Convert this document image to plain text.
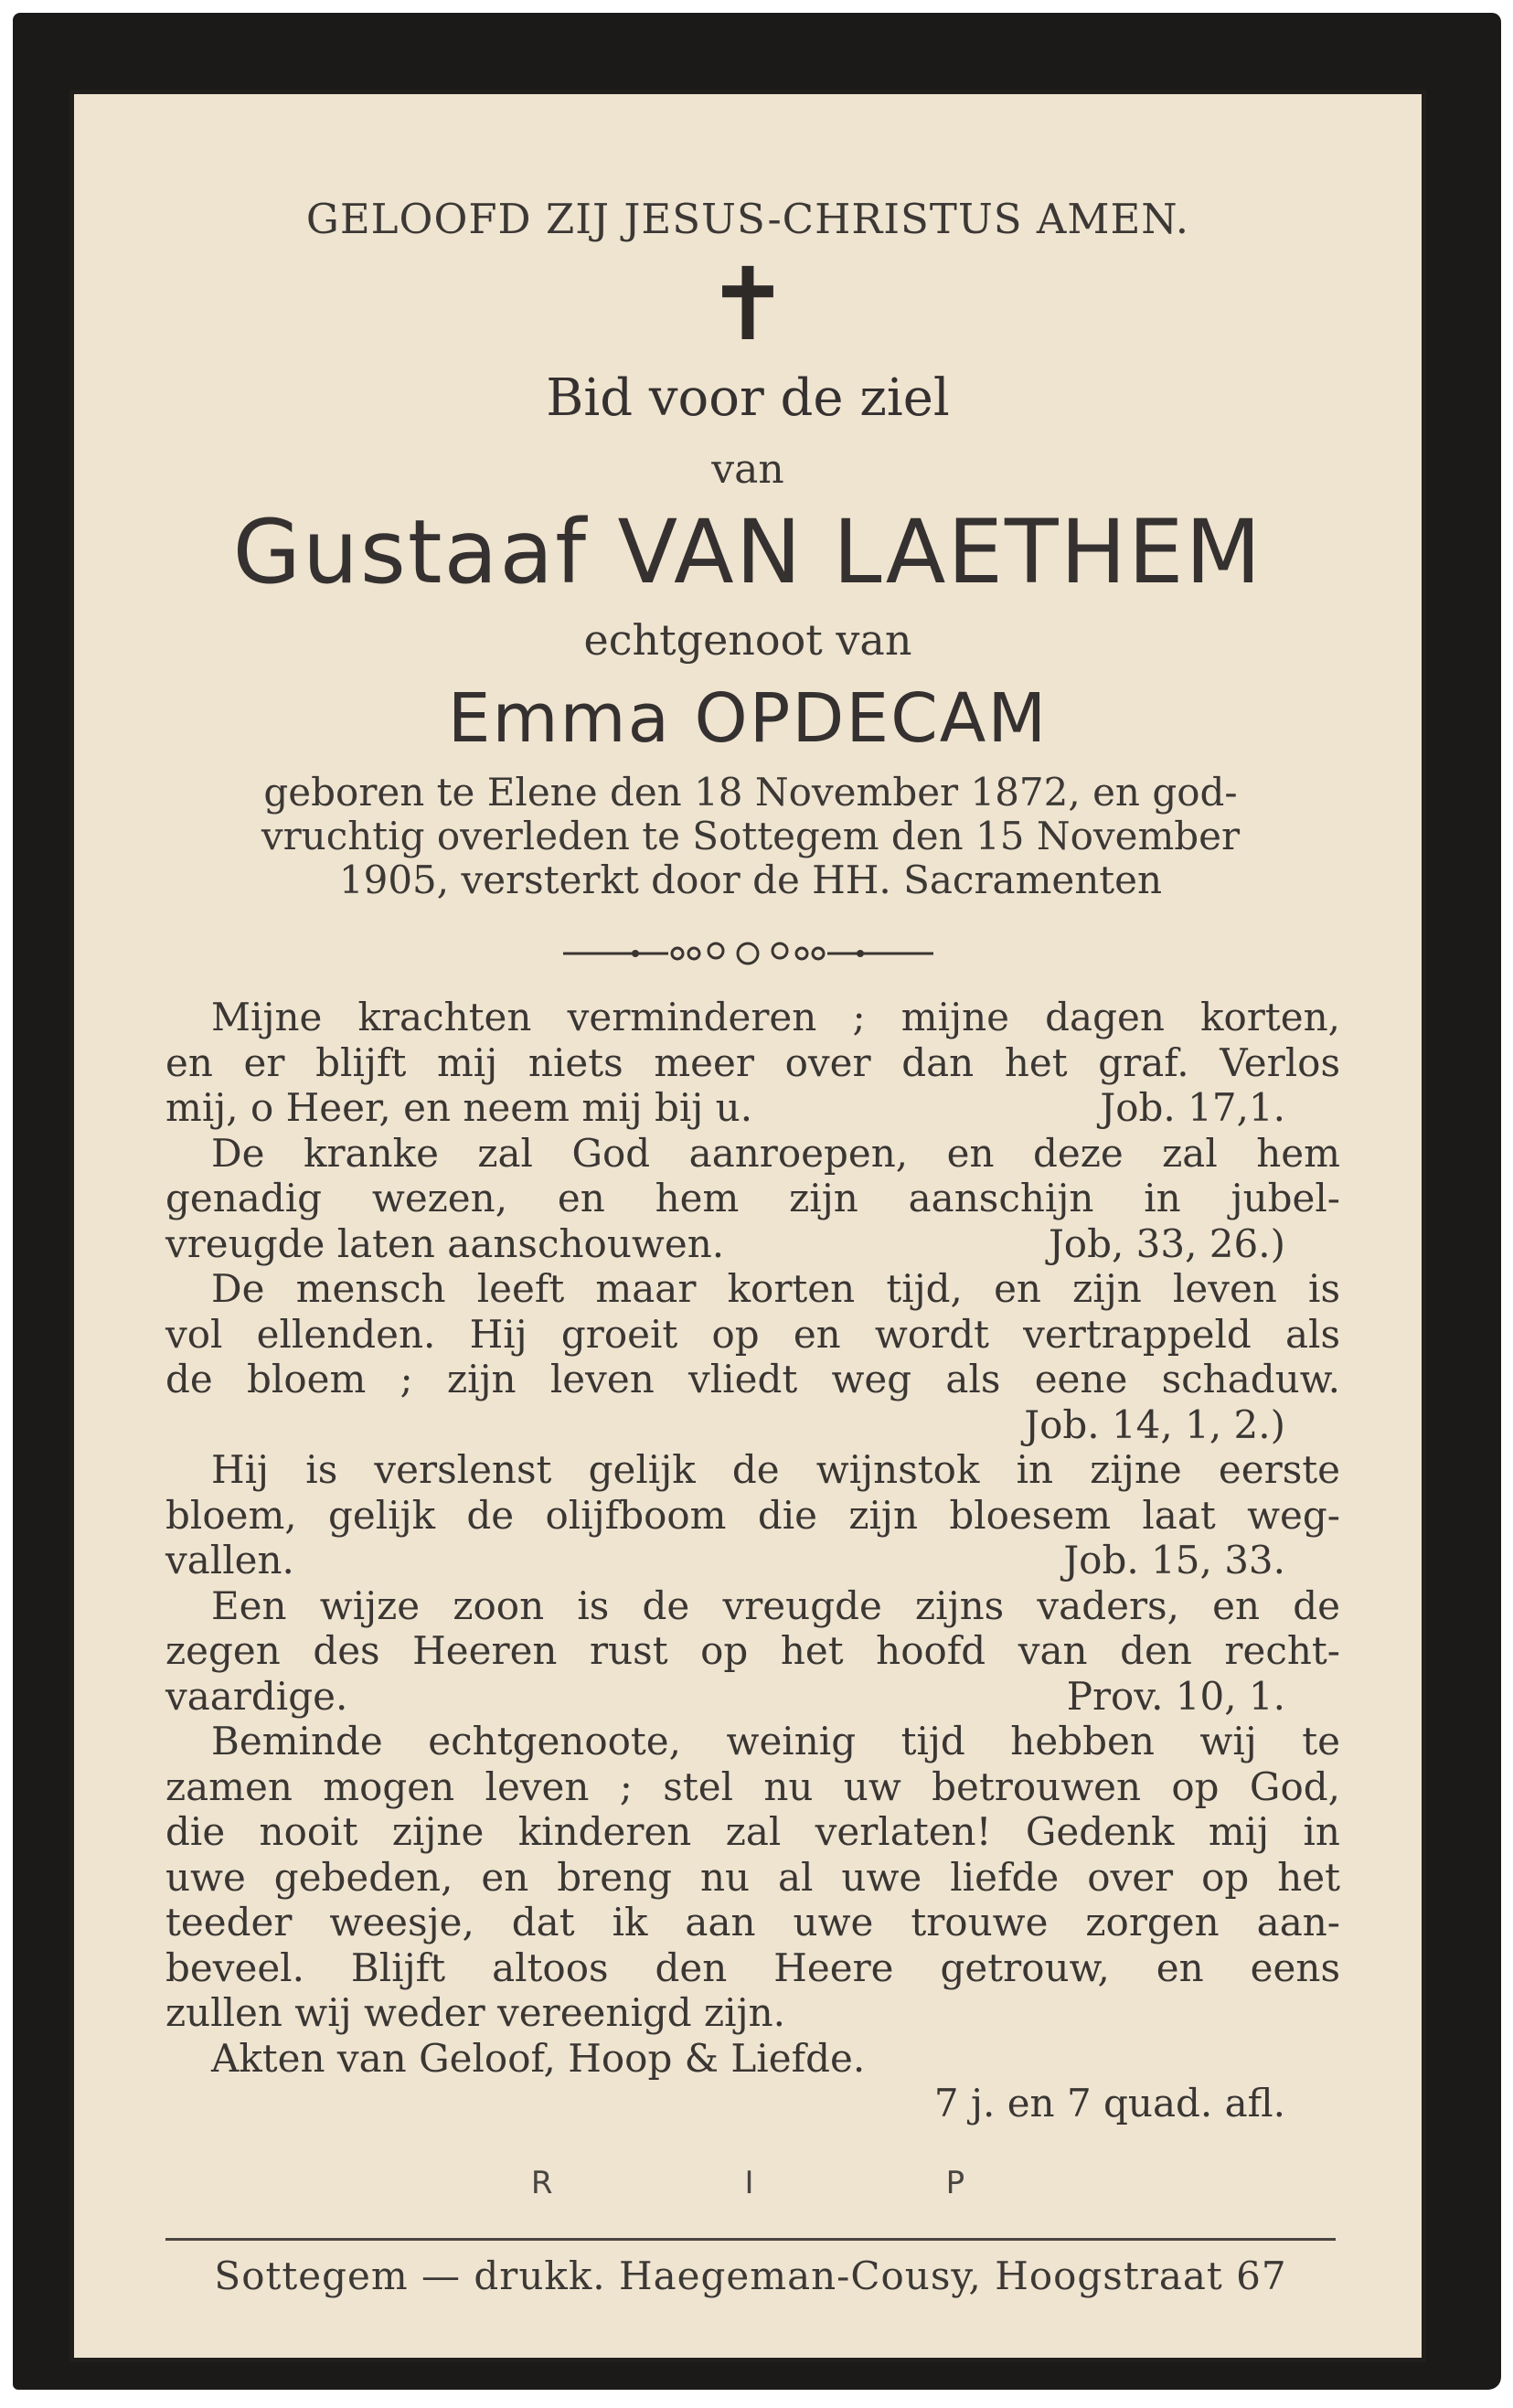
GELOOFD ZIJ JESUS-CHRISTUS AMEN.
✝
Bid voor de ziel
van
Gustaaf VAN LAETHEM
echtgenoot van
Emma OPDECAM
geboren te Elene den 18 November 1872, en god-
vruchtig overleden te Sottegem den 15 November
1905, versterkt door de HH. Sacramenten
Mijne krachten verminderen ; mijne dagen korten,
en er blijft mij niets meer over dan het graf. Verlos
mij, o Heer, en neem mij bij u.	Job. 17,1.
De kranke zal God aanroepen, en deze zal hem
genadig wezen, en hem zijn aanschijn in jubel-
vreugde laten aanschouwen.	Job, 33, 26.)
De mensch leeft maar korten tijd, en zijn leven is
vol ellenden. Hij groeit op en wordt vertrappeld als
de bloem ; zijn leven vliedt weg als eene schaduw.
Job. 14, 1, 2.)
Hij is verslenst gelijk de wijnstok in zijne eerste
bloem, gelijk de olijfboom die zijn bloesem laat weg-
vallen.	Job. 15, 33.
Een wijze zoon is de vreugde zijns vaders, en de
zegen des Heeren rust op het hoofd van den recht-
vaardige.	Prov. 10, 1.
Beminde echtgenoote, weinig tijd hebben wij te
zamen mogen leven ; stel nu uw betrouwen op God,
die nooit zijne kinderen zal verlaten! Gedenk mij in
uwe gebeden, en breng nu al uwe liefde over op het
teeder weesje, dat ik aan uwe trouwe zorgen aan-
beveel. Blijft altoos den Heere getrouw, en eens
zullen wij weder vereenigd zijn.
Akten van Geloof, Hoop & Liefde.
7 j. en 7 quad. afl.
R	I	P
Sottegem — drukk. Haegeman-Cousy, Hoogstraat 67
